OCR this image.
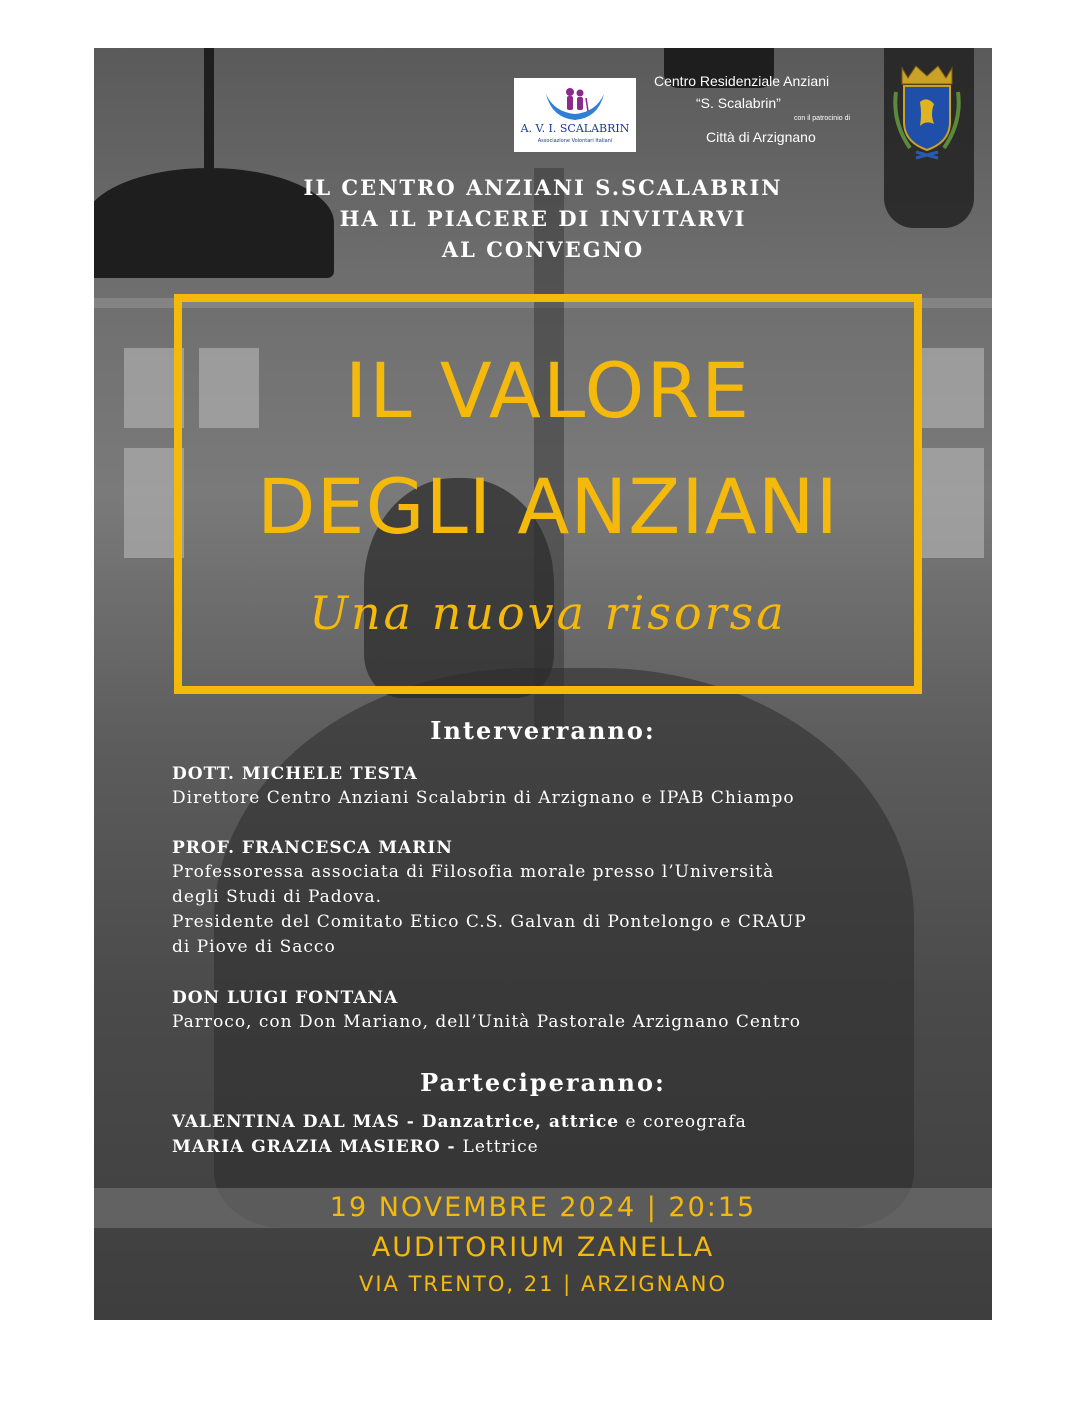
A. V. I. SCALABRIN
Associazione Volontari Italiani
Centro Residenziale Anziani
“S. Scalabrin”
con il patrocinio di
Città di Arzignano
IL CENTRO ANZIANI S.SCALABRIN
HA IL PIACERE DI INVITARVI
AL CONVEGNO
IL VALORE
DEGLI ANZIANI
Una nuova risorsa
Interverranno:
DOTT. MICHELE TESTA
Direttore Centro Anziani Scalabrin di Arzignano e IPAB Chiampo
PROF. FRANCESCA MARIN
Professoressa associata di Filosofia morale presso l’Università
degli Studi di Padova.
Presidente del Comitato Etico C.S. Galvan di Pontelongo e CRAUP
di Piove di Sacco
DON LUIGI FONTANA
Parroco, con Don Mariano, dell’Unità Pastorale Arzignano Centro
Parteciperanno:
VALENTINA DAL MAS - Danzatrice, attrice e coreografa
MARIA GRAZIA MASIERO - Lettrice
19 NOVEMBRE 2024 | 20:15
AUDITORIUM ZANELLA
VIA TRENTO, 21 | ARZIGNANO
